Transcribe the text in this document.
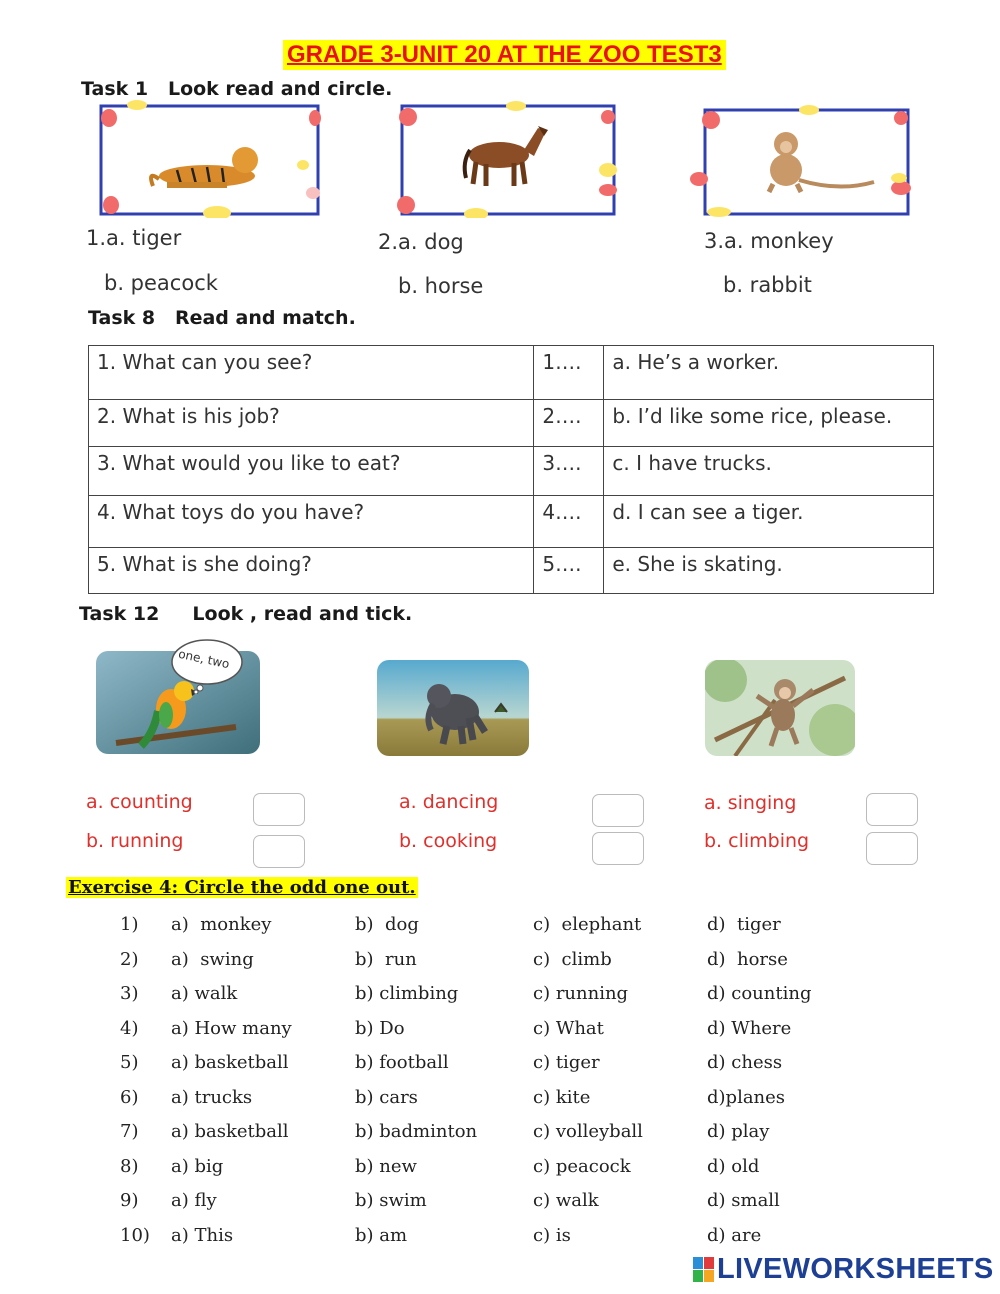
GRADE 3-UNIT 20 AT THE ZOO TEST3
Task 1   Look read and circle.
1.a. tiger
b. peacock
2.a. dog
b. horse
3.a. monkey
b. rabbit
Task 8   Read and match.
1. What can you see?	1….	a. He’s a worker.
2. What is his job?	2….	b. I’d like some rice, please.
3. What would you like to eat?	3….	c. I have trucks.
4. What toys do you have?	4….	d. I can see a tiger.
5. What is she doing?	5….	e. She is skating.
Task 12     Look , read and tick.
one, two
a. counting
b. running
a. dancing
b. cooking
a. singing
b. climbing
Exercise 4: Circle the odd one out.
1) a)  monkey	b)  dog	c)  elephant	d)  tiger
2) a)  swing	b)  run	c)  climb	d)  horse
3) a) walk	b) climbing	c) running	d) counting
4) a) How many	b) Do	c) What	d) Where
5) a) basketball	b) football	c) tiger	d) chess
6) a) trucks	b) cars	c) kite	d)planes
7) a) basketball	b) badminton	c) volleyball	d) play
8) a) big	b) new	c) peacock	d) old
9) a) fly	b) swim	c) walk	d) small
10) a) This	b) am	c) is	d) are
LIVEWORKSHEETS
